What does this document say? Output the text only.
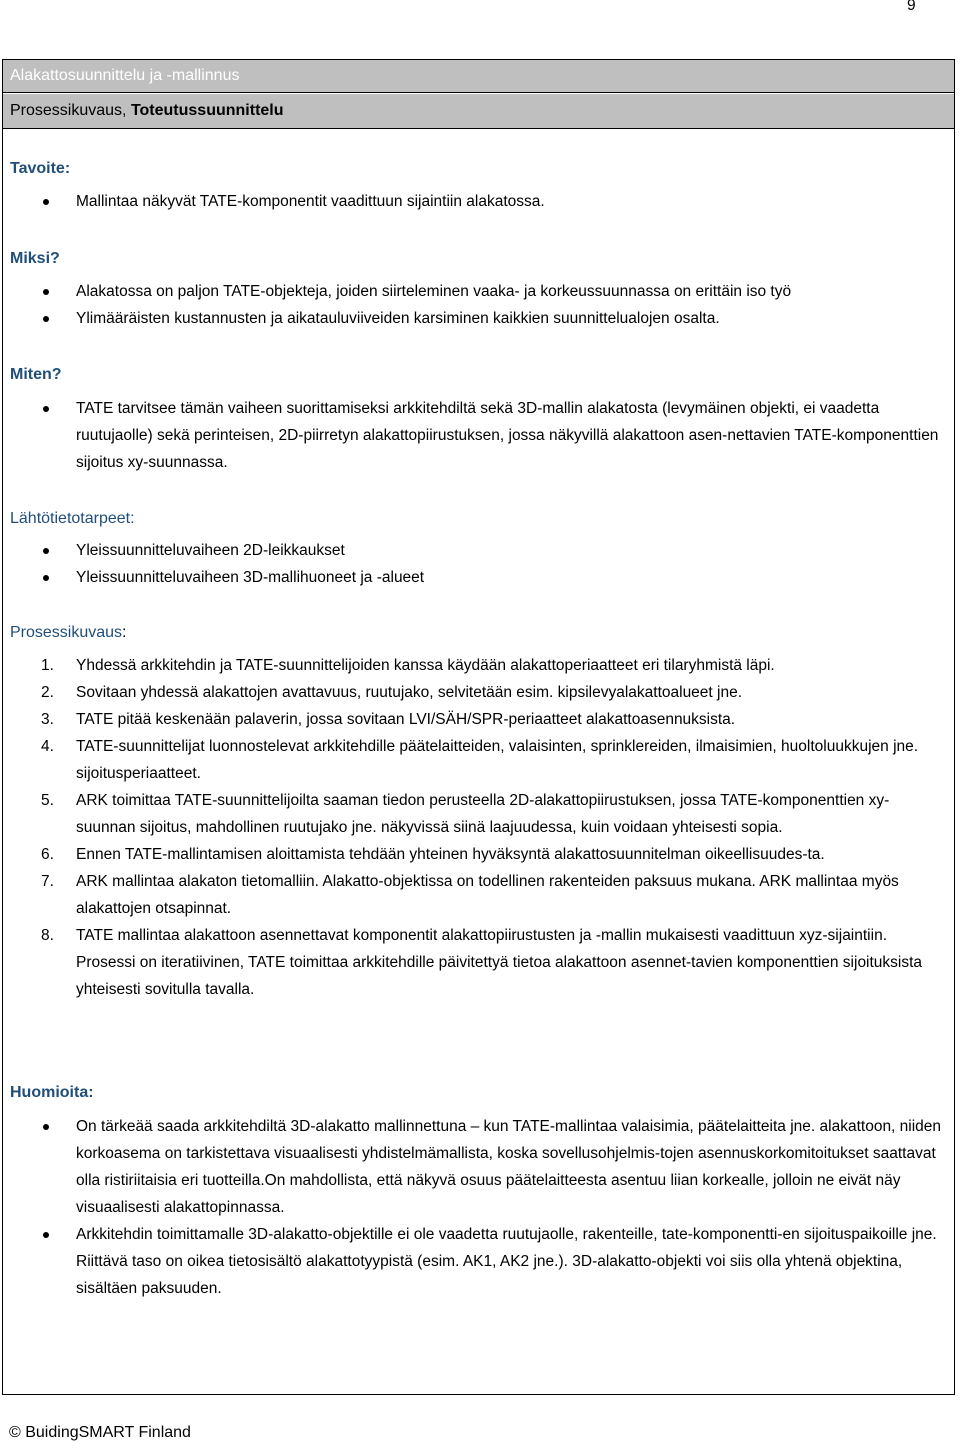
9
Alakattosuunnittelu ja -mallinnus
Prosessikuvaus, Toteutussuunnittelu
Tavoite:
Mallintaa näkyvät TATE-komponentit vaadittuun sijaintiin alakatossa.
Miksi?
Alakatossa on paljon TATE-objekteja, joiden siirteleminen vaaka- ja korkeussuunnassa on erittäin iso työ
Ylimääräisten kustannusten ja aikatauluviiveiden karsiminen kaikkien suunnittelualojen osalta.
Miten?
TATE tarvitsee tämän vaiheen suorittamiseksi arkkitehdiltä sekä 3D-mallin alakatosta (levymäinen objekti, ei vaadetta ruutujaolle) sekä perinteisen, 2D-piirretyn alakattopiirustuksen, jossa näkyvillä alakattoon asen-nettavien TATE-komponenttien sijoitus xy-suunnassa.
Lähtötietotarpeet:
Yleissuunnitteluvaiheen 2D-leikkaukset
Yleissuunnitteluvaiheen 3D-mallihuoneet ja -alueet
Prosessikuvaus:
1. Yhdessä arkkitehdin ja TATE-suunnittelijoiden kanssa käydään alakattoperiaatteet eri tilaryhmistä läpi.
2. Sovitaan yhdessä alakattojen avattavuus, ruutujako, selvitetään esim. kipsilevyalakattoalueet jne.
3. TATE pitää keskenään palaverin, jossa sovitaan LVI/SÄH/SPR-periaatteet alakattoasennuksista.
4. TATE-suunnittelijat luonnostelevat arkkitehdille päätelaitteiden, valaisinten, sprinklereiden, ilmaisimien, huoltoluukkujen jne. sijoitusperiaatteet.
5. ARK toimittaa TATE-suunnittelijoilta saaman tiedon perusteella 2D-alakattopiirustuksen, jossa TATE-komponenttien xy-suunnan sijoitus, mahdollinen ruutujako jne. näkyvissä siinä laajuudessa, kuin voidaan yhteisesti sopia.
6. Ennen TATE-mallintamisen aloittamista tehdään yhteinen hyväksyntä alakattosuunnitelman oikeellisuudes-ta.
7. ARK mallintaa alakaton tietomalliin. Alakatto-objektissa on todellinen rakenteiden paksuus mukana. ARK mallintaa myös alakattojen otsapinnat.
8. TATE mallintaa alakattoon asennettavat komponentit alakattopiirustusten ja -mallin mukaisesti vaadittuun xyz-sijaintiin. Prosessi on iteratiivinen, TATE toimittaa arkkitehdille päivitettyä tietoa alakattoon asennet-tavien komponenttien sijoituksista yhteisesti sovitulla tavalla.
Huomioita:
On tärkeää saada arkkitehdiltä 3D-alakatto mallinnettuna – kun TATE-mallintaa valaisimia, päätelaitteita jne. alakattoon, niiden korkoasema on tarkistettava visuaalisesti yhdistelmämallista, koska sovellusohjelmis-tojen asennuskorkomitoitukset saattavat olla ristiriitaisia eri tuotteilla.On mahdollista, että näkyvä osuus päätelaitteesta asentuu liian korkealle, jolloin ne eivät näy visuaalisesti alakattopinnassa.
Arkkitehdin toimittamalle 3D-alakatto-objektille ei ole vaadetta ruutujaolle, rakenteille, tate-komponentti-en sijoituspaikoille jne. Riittävä taso on oikea tietosisältö alakattotyypistä (esim. AK1, AK2 jne.). 3D-alakatto-objekti voi siis olla yhtenä objektina, sisältäen paksuuden.
© BuidingSMART Finland
